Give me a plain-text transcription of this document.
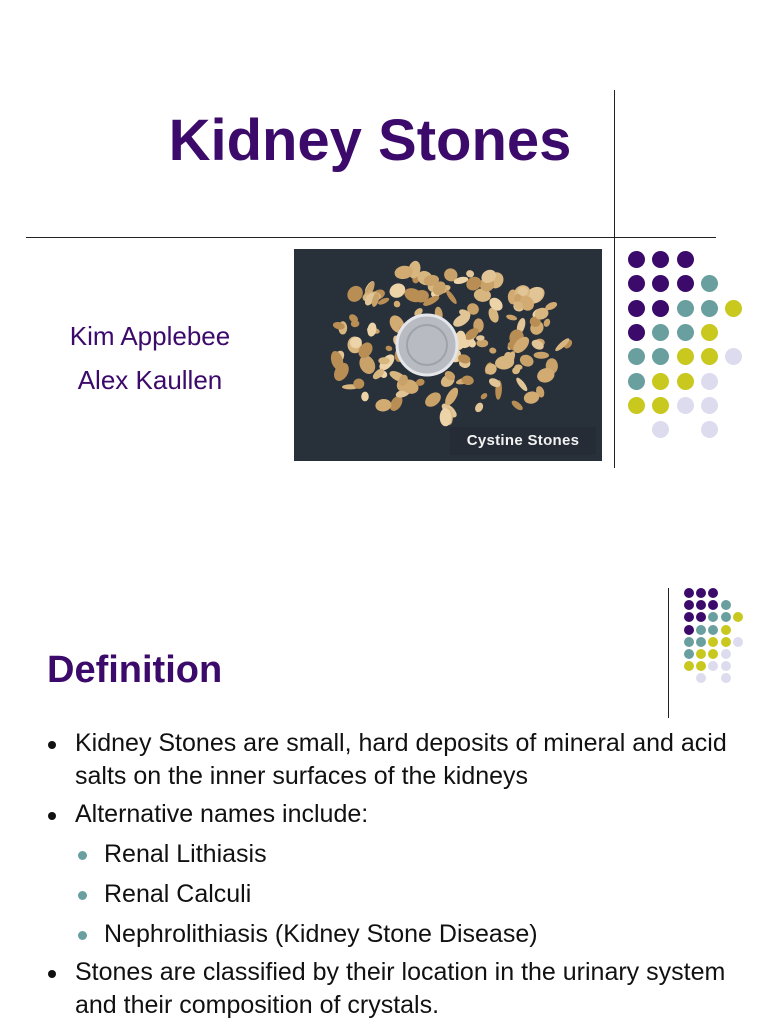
Kidney Stones
Kim Applebee
Alex Kaullen
Cystine Stones
Definition
Kidney Stones are small, hard deposits of mineral and acid salts on the inner surfaces of the kidneys
Alternative names include:
Renal Lithiasis
Renal Calculi
Nephrolithiasis (Kidney Stone Disease)
Stones are classified by their location in the urinary system and their composition of crystals.
